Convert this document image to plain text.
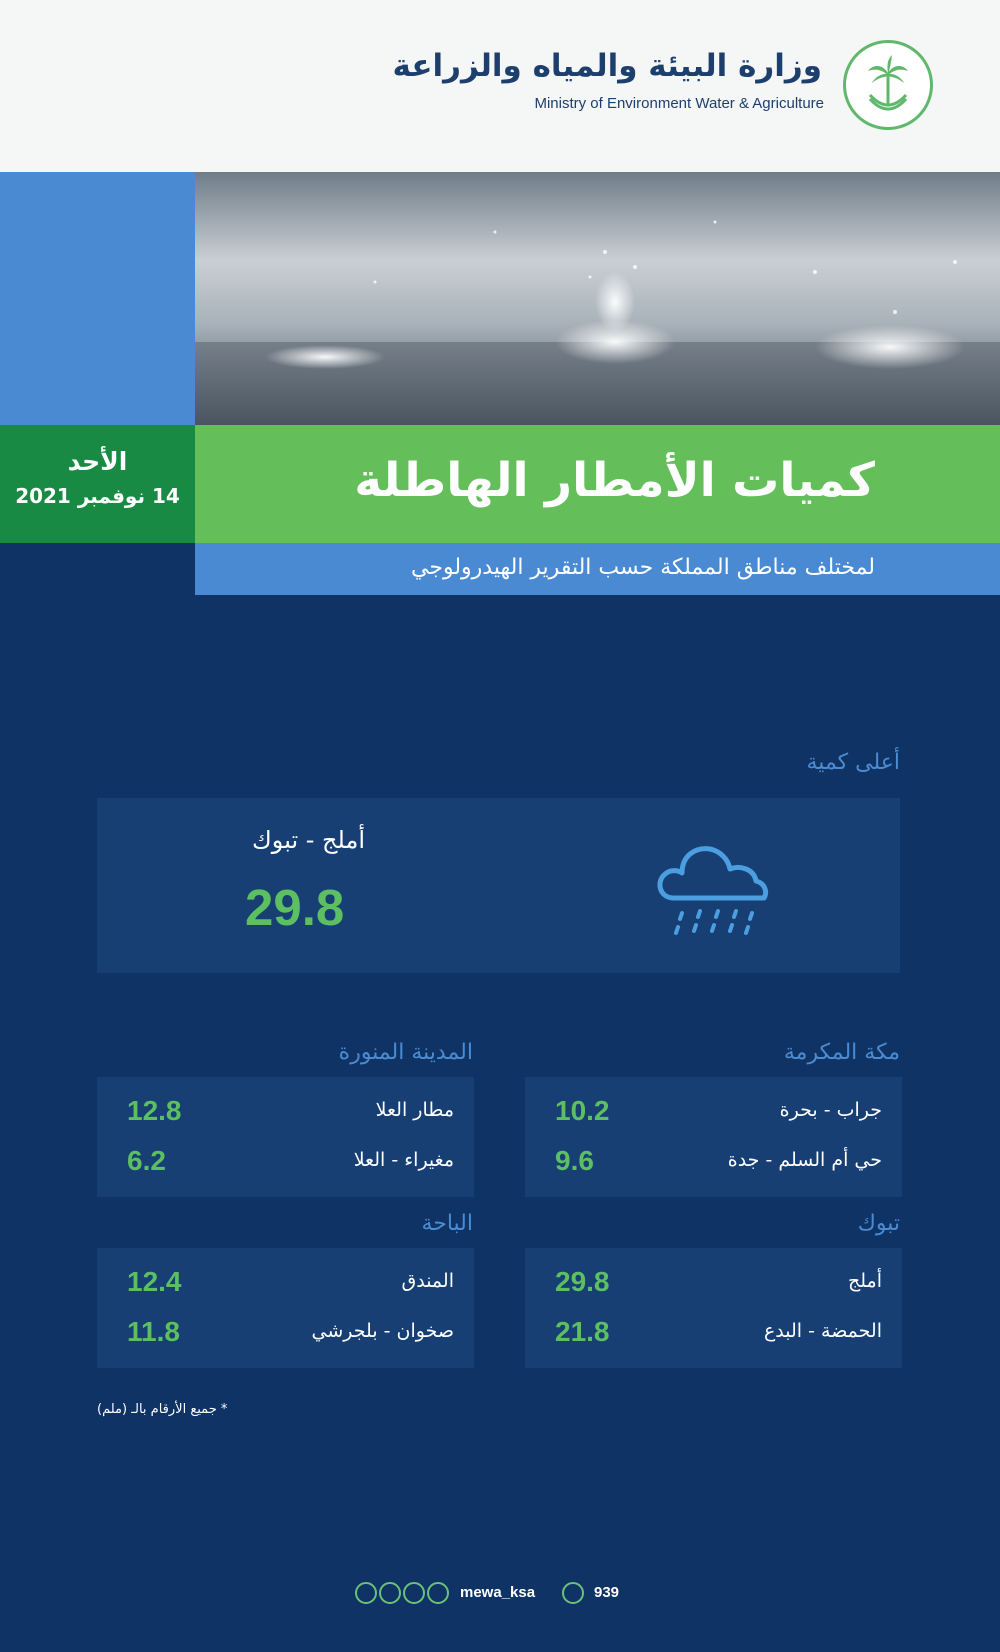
وزارة البيئة والمياه والزراعة
Ministry of Environment Water & Agriculture
الأحد
14 نوفمبر 2021	كميات الأمطار الهاطلة
لمختلف مناطق المملكة حسب التقرير الهيدرولوجي
أعلى كمية
أملج - تبوك
29.8
مكة المكرمة
جراب - بحرة
10.2
حي أم السلم - جدة
9.6
المدينة المنورة
مطار العلا
12.8
مغيراء - العلا
6.2
تبوك
أملج
29.8
الحمضة - البدع
21.8
الباحة
المندق
12.4
صخوان - بلجرشي
11.8
* جميع الأرقام بالـ (ملم)
mewa_ksa	939
